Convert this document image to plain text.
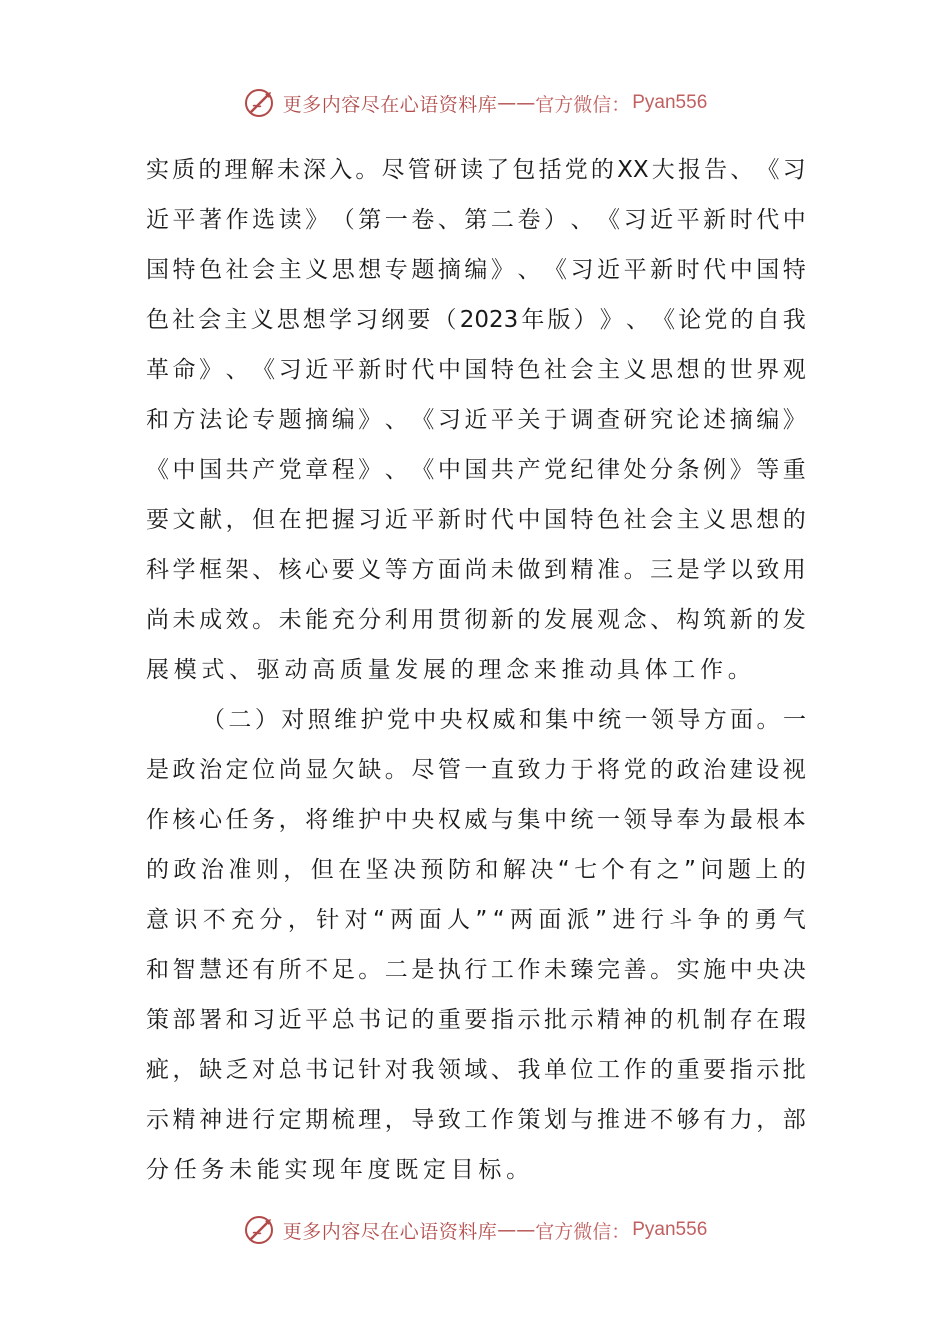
更多内容尽在心语资料库 —— 官方微信： Pyan556
实 质 的 理 解 未 深 入 。 尽 管 研 读 了 包 括 党 的 XX 大 报 告 、 《 习
近 平 著 作 选 读 》 （ 第 一 卷 、 第 二 卷 ） 、 《 习 近 平 新 时 代 中
国 特 色 社 会 主 义 思 想 专 题 摘 编 》 、 《 习 近 平 新 时 代 中 国 特
色 社 会 主 义 思 想 学 习 纲 要 （ 2023 年 版 ） 》 、 《 论 党 的 自 我
革 命 》 、 《 习 近 平 新 时 代 中 国 特 色 社 会 主 义 思 想 的 世 界 观
和 方 法 论 专 题 摘 编 》 、 《 习 近 平 关 于 调 查 研 究 论 述 摘 编 》
《 中 国 共 产 党 章 程 》 、 《 中 国 共 产 党 纪 律 处 分 条 例 》 等 重
要 文 献 ， 但 在 把 握 习 近 平 新 时 代 中 国 特 色 社 会 主 义 思 想 的
科 学 框 架 、 核 心 要 义 等 方 面 尚 未 做 到 精 准 。 三 是 学 以 致 用
尚 未 成 效 。 未 能 充 分 利 用 贯 彻 新 的 发 展 观 念 、 构 筑 新 的 发
展模式、驱动高质量发展的理念来推动具体工作。
（ 二 ） 对 照 维 护 党 中 央 权 威 和 集 中 统 一 领 导 方 面 。 一
是 政 治 定 位 尚 显 欠 缺 。 尽 管 一 直 致 力 于 将 党 的 政 治 建 设 视
作 核 心 任 务 ， 将 维 护 中 央 权 威 与 集 中 统 一 领 导 奉 为 最 根 本
的 政 治 准 则 ， 但 在 坚 决 预 防 和 解 决 “ 七 个 有 之 ” 问 题 上 的
意 识 不 充 分 ， 针 对 “ 两 面 人 ” “ 两 面 派 ” 进 行 斗 争 的 勇 气
和 智 慧 还 有 所 不 足 。 二 是 执 行 工 作 未 臻 完 善 。 实 施 中 央 决
策 部 署 和 习 近 平 总 书 记 的 重 要 指 示 批 示 精 神 的 机 制 存 在 瑕
疵 ， 缺 乏 对 总 书 记 针 对 我 领 域 、 我 单 位 工 作 的 重 要 指 示 批
示 精 神 进 行 定 期 梳 理 ， 导 致 工 作 策 划 与 推 进 不 够 有 力 ， 部
分任务未能实现年度既定目标。
更多内容尽在心语资料库 —— 官方微信： Pyan556
